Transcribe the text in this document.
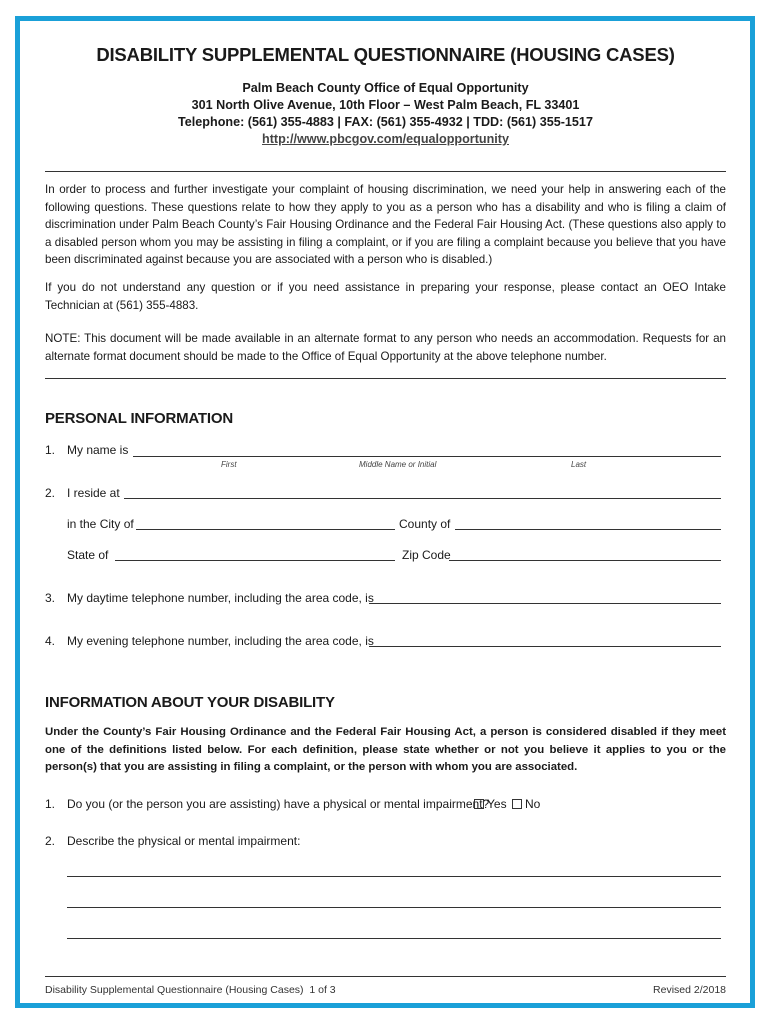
DISABILITY SUPPLEMENTAL QUESTIONNAIRE (HOUSING CASES)
Palm Beach County Office of Equal Opportunity
301 North Olive Avenue, 10th Floor – West Palm Beach, FL 33401
Telephone: (561) 355-4883 | FAX: (561) 355-4932 | TDD: (561) 355-1517
http://www.pbcgov.com/equalopportunity

In order to process and further investigate your complaint of housing discrimination, we need your help in answering each of the following questions. These questions relate to how they apply to you as a person who has a disability and who is filing a claim of discrimination under Palm Beach County’s Fair Housing Ordinance and the Federal Fair Housing Act. (These questions also apply to a disabled person whom you may be assisting in filing a complaint, or if you are filing a complaint because you believe that you have been discriminated against because you are associated with a person who is disabled.)

If you do not understand any question or if you need assistance in preparing your response, please contact an OEO Intake Technician at (561) 355-4883.

NOTE: This document will be made available in an alternate format to any person who needs an accommodation. Requests for an alternate format document should be made to the Office of Equal Opportunity at the above telephone number.

PERSONAL INFORMATION
1. My name is
First	Middle Name or Initial	Last
2. I reside at
in the City of	County of
State of	Zip Code
3. My daytime telephone number, including the area code, is
4. My evening telephone number, including the area code, is
INFORMATION ABOUT YOUR DISABILITY

Under the County’s Fair Housing Ordinance and the Federal Fair Housing Act, a person is considered disabled if they meet one of the definitions listed below. For each definition, please state whether or not you believe it applies to you or the person(s) that you are assisting in filing a complaint, or the person with whom you are associated.

1. Do you (or the person you are assisting) have a physical or mental impairment?
Yes	No
2. Describe the physical or mental impairment:
Disability Supplemental Questionnaire (Housing Cases)  1 of 3	Revised 2/2018
